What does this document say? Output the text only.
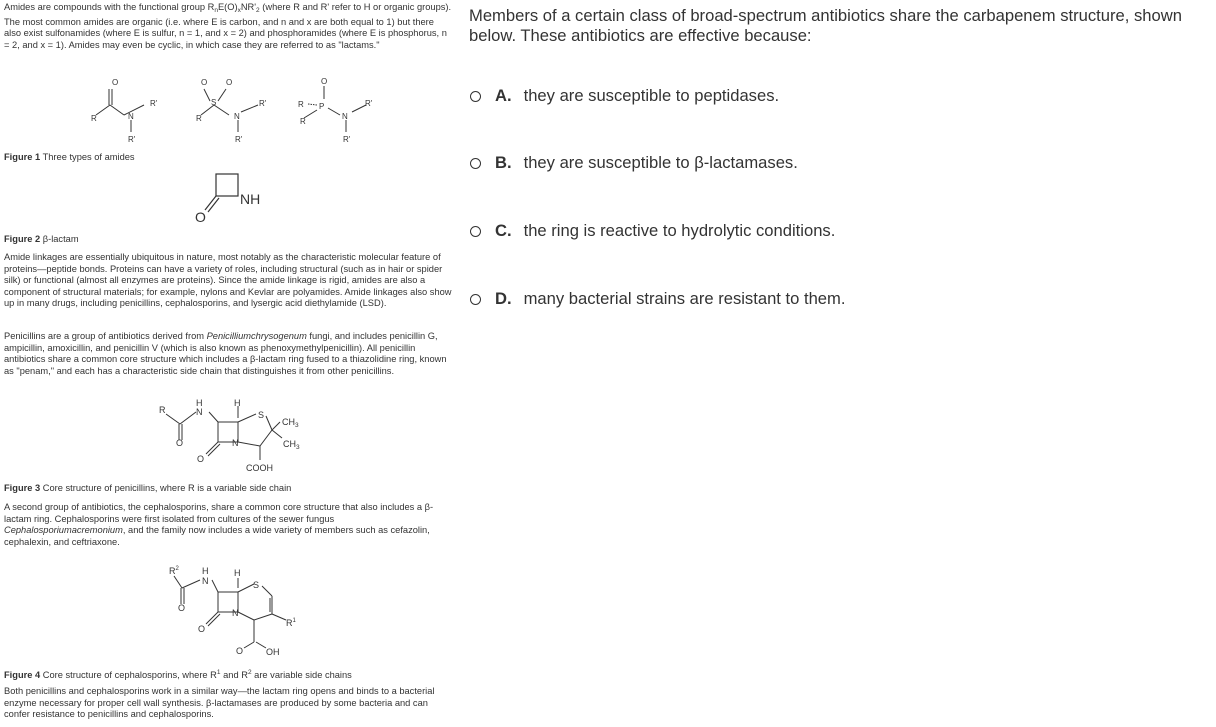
Amides are compounds with the functional group $R_nE(O)_xNR'_2$ (where R and R' refer to H or organic groups). The most common amides are organic (i.e. where E is carbon, and n and x are both equal to 1) but there also exist sulfonamides (where E is sulfur, n = 1, and x = 2) and phosphoramides (where E is phosphorus, n = 2, and x = 1). Amides may even be cyclic, in which case they are referred to as "lactams."

O
R	N
R'
R'
O O
S
R	N
R'
R'
O
R P
R
N
R'
R'
Figure 1 Three types of amides
NH
O
Figure 2 β-lactam

Amide linkages are essentially ubiquitous in nature, most notably as the characteristic molecular feature of proteins—peptide bonds. Proteins can have a variety of roles, including structural (such as in hair or spider silk) or functional (almost all enzymes are proteins). Since the amide linkage is rigid, amides are also a component of structural materials; for example, nylons and Kevlar are polyamides. Amide linkages also show up in many drugs, including penicillins, cephalosporins, and lysergic acid diethylamide (LSD).

Penicillins are a group of antibiotics derived from Penicilliumchrysogenum fungi, and includes penicillin G, ampicillin, amoxicillin, and penicillin V (which is also known as phenoxymethylpenicillin). All penicillin antibiotics share a common core structure which includes a β-lactam ring fused to a thiazolidine ring, known as "penam," and each has a characteristic side chain that distinguishes it from other penicillins.

R
H
N
H
S
N
$CH_3$
$CH_3$
O
O
COOH
Figure 3 Core structure of penicillins, where R is a variable side chain

A second group of antibiotics, the cephalosporins, share a common core structure that also includes a β-lactam ring. Cephalosporins were first isolated from cultures of the sewer fungus Cephalosporiumacremonium, and the family now includes a wide variety of members such as cefazolin, cephalexin, and ceftriaxone.

$R^2$	H
N
H
S
N
$R^1$
O
O
O	OH
Figure 4 Core structure of cephalosporins, where $R^1$ and $R^2$ are variable side chains

Both penicillins and cephalosporins work in a similar way—the lactam ring opens and binds to a bacterial enzyme necessary for proper cell wall synthesis. β-lactamases are produced by some bacteria and can confer resistance to penicillins and cephalosporins.

Members of a certain class of broad-spectrum antibiotics share the carbapenem structure, shown below. These antibiotics are effective because:
A. they are susceptible to peptidases.
B. they are susceptible to β-lactamases.
C. the ring is reactive to hydrolytic conditions.
D. many bacterial strains are resistant to them.
